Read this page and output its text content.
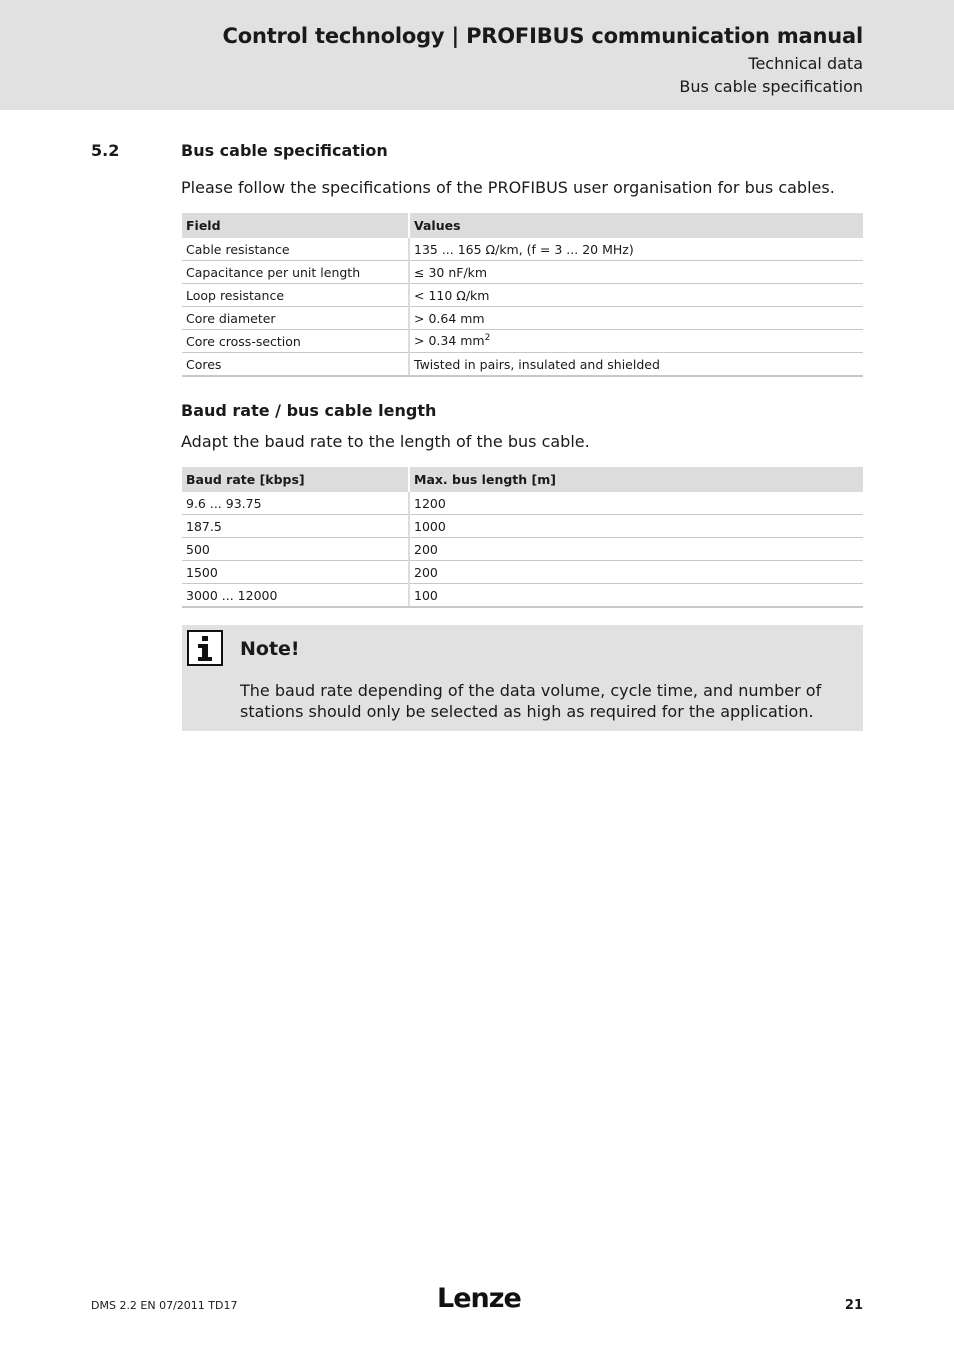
Control technology | PROFIBUS communication manual
Technical data
Bus cable specification
5.2	Bus cable specification
Please follow the specifications of the PROFIBUS user organisation for bus cables.
Field	Values
Cable resistance	135 ... 165 Ω/km, (f = 3 ... 20 MHz)
Capacitance per unit length	≤ 30 nF/km
Loop resistance	< 110 Ω/km
Core diameter	> 0.64 mm
Core cross-section	> 0.34 $mm^2$
Cores	Twisted in pairs, insulated and shielded
Baud rate / bus cable length
Adapt the baud rate to the length of the bus cable.
Baud rate [kbps]	Max. bus length [m]
9.6 ... 93.75	1200
187.5	1000
500	200
1500	200
3000 ... 12000	100
Note!
The baud rate depending of the data volume, cycle time, and number of stations should only be selected as high as required for the application.
DMS 2.2 EN 07/2011 TD17	Lenze	21
